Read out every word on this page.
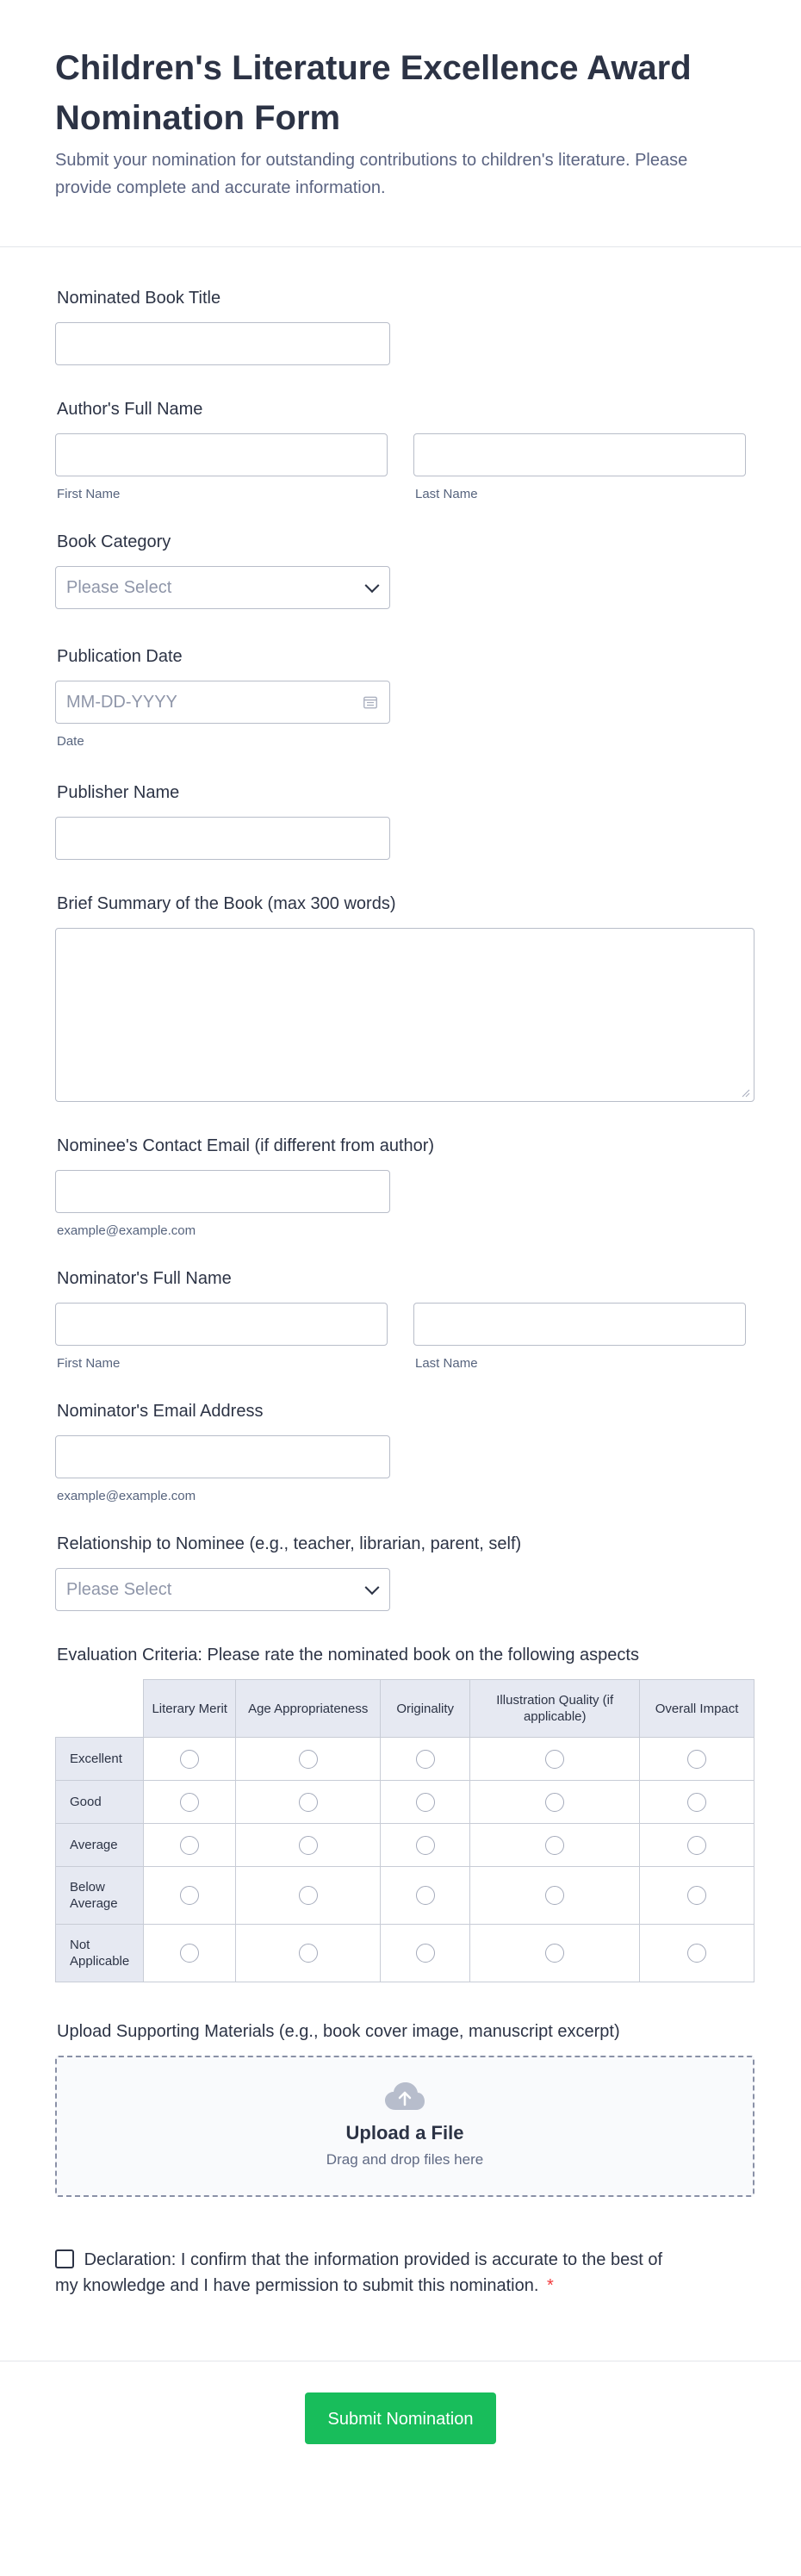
Children's Literature Excellence Award Nomination Form

Submit your nomination for outstanding contributions to children's literature. Please provide complete and accurate information.

Nominated Book Title
Author's Full Name
First Name	Last Name
Book Category
Please Select
Publication Date
MM-DD-YYYY
Date
Publisher Name
Brief Summary of the Book (max 300 words)
Nominee's Contact Email (if different from author)
example@example.com
Nominator's Full Name
First Name	Last Name
Nominator's Email Address
example@example.com
Relationship to Nominee (e.g., teacher, librarian, parent, self)
Please Select
Evaluation Criteria: Please rate the nominated book on the following aspects
	Literary Merit	Age Appropriateness	Originality	Illustration Quality (if applicable)	Overall Impact
Excellent					
Good					
Average					
Below Average					
Not Applicable					
Upload Supporting Materials (e.g., book cover image, manuscript excerpt)
Upload a File
Drag and drop files here
Declaration: I confirm that the information provided is accurate to the best of my knowledge and I have permission to submit this nomination. *
Submit Nomination
